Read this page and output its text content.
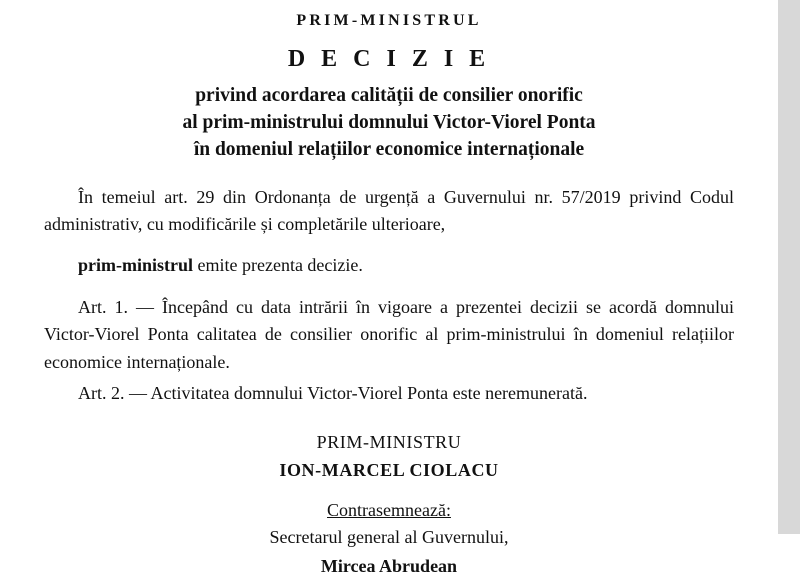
PRIM-MINISTRUL
D E C I Z I E
privind acordarea calității de consilier onorific
al prim-ministrului domnului Victor-Viorel Ponta
în domeniul relațiilor economice internaționale

În temeiul art. 29 din Ordonanța de urgență a Guvernului nr. 57/2019 privind Codul administrativ, cu modificările și completările ulterioare,

prim-ministrul emite prezenta decizie.

Art. 1. — Începând cu data intrării în vigoare a prezentei decizii se acordă domnului Victor-Viorel Ponta calitatea de consilier onorific al prim-ministrului în domeniul relațiilor economice internaționale.

Art. 2. — Activitatea domnului Victor-Viorel Ponta este neremunerată.

PRIM-MINISTRU
ION-MARCEL CIOLACU
Contrasemnează:
Secretarul general al Guvernului,
Mircea Abrudean
